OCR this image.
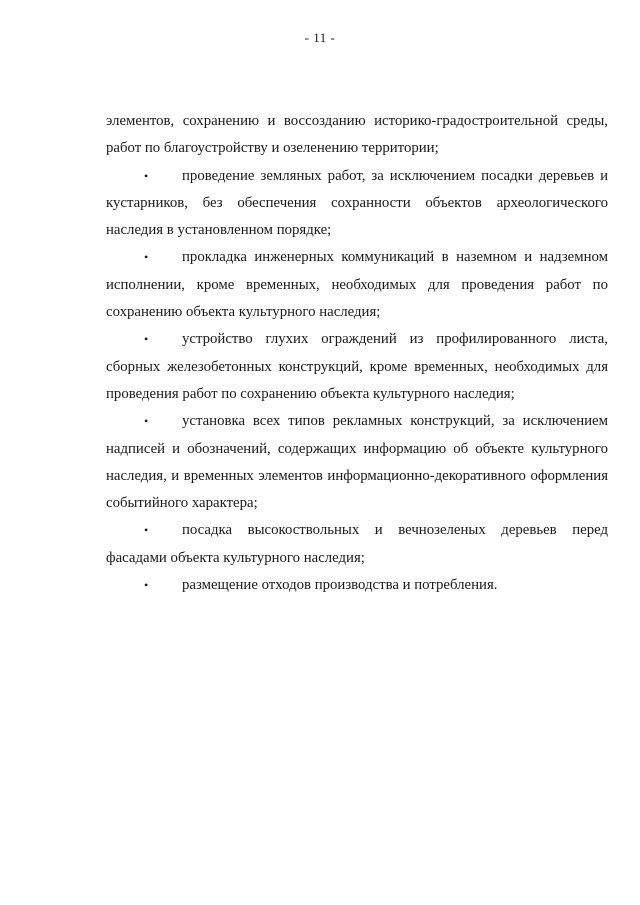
- 11 -

элементов, сохранению и воссозданию историко-градостроительной среды, работ по благоустройству и озеленению территории;

• проведение земляных работ, за исключением посадки деревьев и кустарников, без обеспечения сохранности объектов археологического наследия в установленном порядке;

• прокладка инженерных коммуникаций в наземном и надземном исполнении, кроме временных, необходимых для проведения работ по сохранению объекта культурного наследия;

• устройство глухих ограждений из профилированного листа, сборных железобетонных конструкций, кроме временных, необходимых для проведения работ по сохранению объекта культурного наследия;

• установка всех типов рекламных конструкций, за исключением надписей и обозначений, содержащих информацию об объекте культурного наследия, и временных элементов информационно-декоративного оформления событийного характера;

• посадка высокоствольных и вечнозеленых деревьев перед фасадами объекта культурного наследия;

• размещение отходов производства и потребления.
